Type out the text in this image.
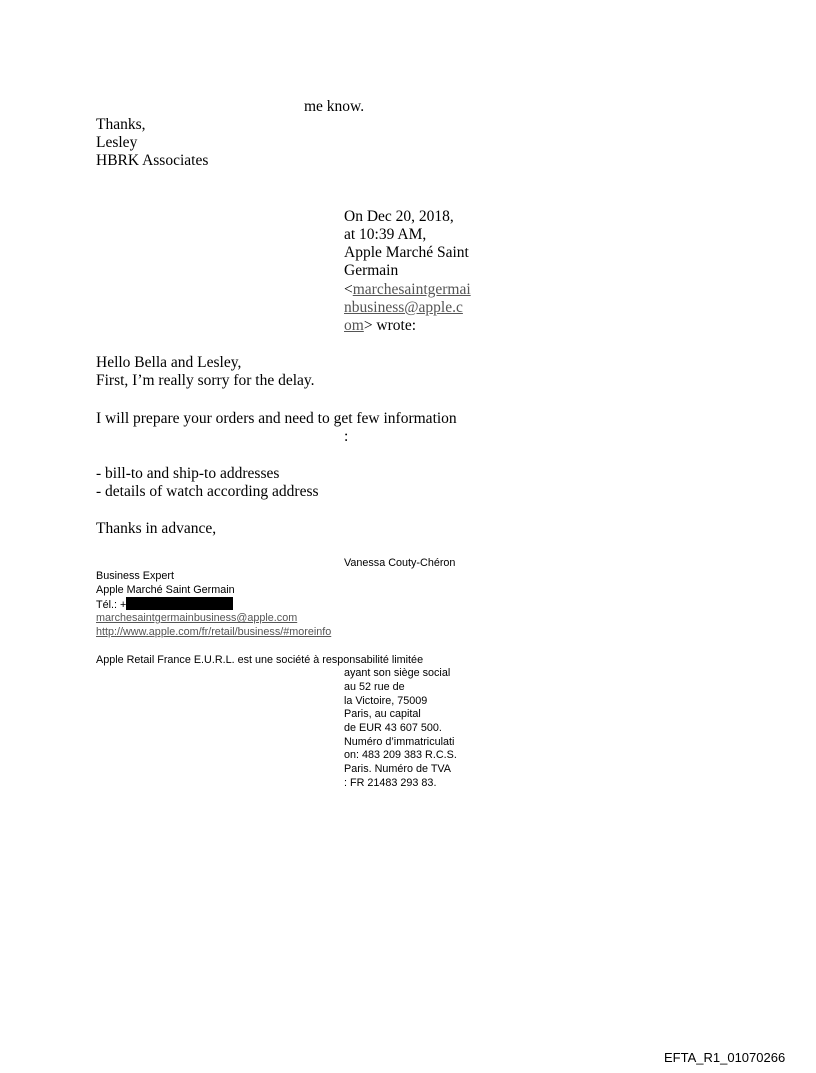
me know.
Thanks,
Lesley
HBRK Associates
On Dec 20, 2018,
at 10:39 AM,
Apple Marché Saint
Germain
<marchesaintgermai
nbusiness@apple.c
om> wrote:
Hello Bella and Lesley,
First, I’m really sorry for the delay.
I will prepare your orders and need to get few information
:
- bill-to and ship-to addresses
- details of watch according address
Thanks in advance,
Vanessa Couty-Chéron
Business Expert
Apple Marché Saint Germain
Tél.: +
marchesaintgermainbusiness@apple.com
http://www.apple.com/fr/retail/business/#moreinfo
Apple Retail France E.U.R.L. est une société à responsabilité limitée
ayant son siège social
au 52 rue de
la Victoire, 75009
Paris, au capital
de EUR 43 607 500.
Numéro d’immatriculati
on: 483 209 383 R.C.S.
Paris. Numéro de TVA
: FR 21483 293 83.
EFTA_R1_01070266
